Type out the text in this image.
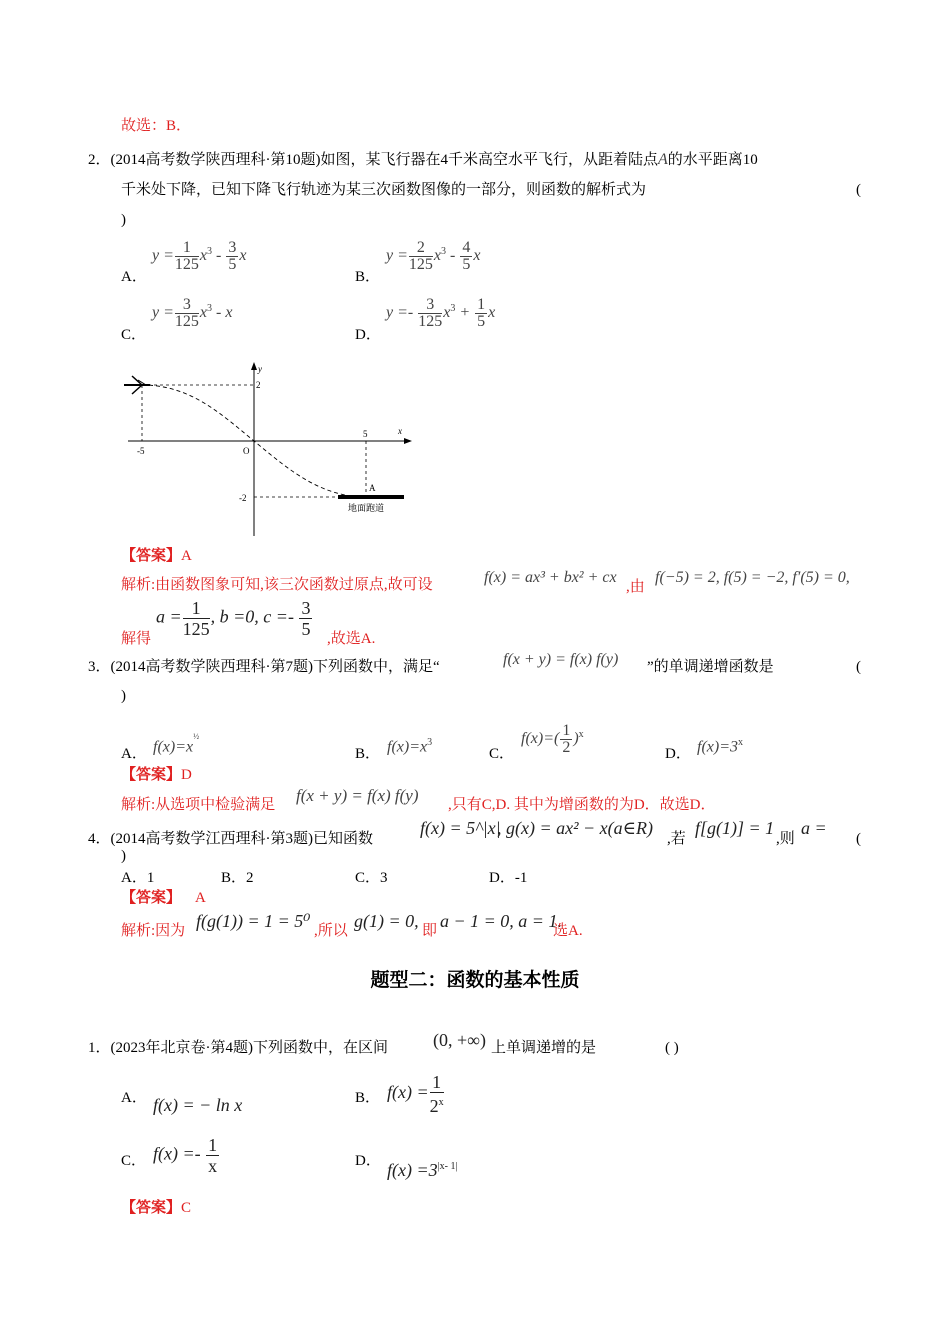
故选：B．
2．(2014高考数学陕西理科·第10题)如图，某飞行器在4千米高空水平飞行，从距着陆点A的水平距离10
千米处下降，已知下降飞行轨迹为某三次函数图像的一部分，则函数的解析式为	(
)
A．
$y = \frac{1}{125} x^3 - \frac{3}{5}$ x
B．
$y = \frac{2}{125} x^3 - \frac{4}{5}$ x
C．
$y = \frac{3}{125} x^3 - x$
D．
$y =- \frac{3}{125} x^3 + \frac{1}{5}$ x
y
x
2
-2
-5
5
O
A
地面跑道
【答案】A
解析:由函数图象可知,该三次函数过原点,故可设	f(x) = ax³ + bx² + cx
,由
f(−5) = 2, f(5) = −2, f′(5) = 0,
解得
$a = \frac{1}{125}$ , b =0, $c =- \frac{3}{5}$ ,故选A.
3．(2014高考数学陕西理科·第7题)下列函数中，满足“	f(x + y) = f(x) f(y) ”的单调递增函数是	(
)
A． $f(x)=x^{\frac{1}{2}}$
B． $f(x)=x^3$
C．
$f(x)=( \frac{1}{2} )^x$
D． $f(x)=3^x$
【答案】D
解析:从选项中检验满足 f(x + y) = f(x) f(y) ,只有C,D. 其中为增函数的为D．故选D．
4．(2014高考数学江西理科·第3题)已知函数
f(x) = 5^|x|
, g(x) = ax² − x(a∈R)
,若
f[g(1)] = 1
,则
a =
(
)
A．1	B．2	C．3	D．-1
【答案】 A
解析:因为 f(g(1)) = 1 = 5⁰ ,所以 g(1) = 0, 即 a − 1 = 0, a = 1.
选A.
题型二：函数的基本性质
1．(2023年北京卷·第4题)下列函数中，在区间	(0, +∞) 上单调递增的是	( )
A． f(x) = − ln x	B． $f(x) = \frac{1}{2^x}$
C． $f(x) =- \frac{1}{x}$	D． $f(x) =3^{|x- 1|}$
【答案】C
